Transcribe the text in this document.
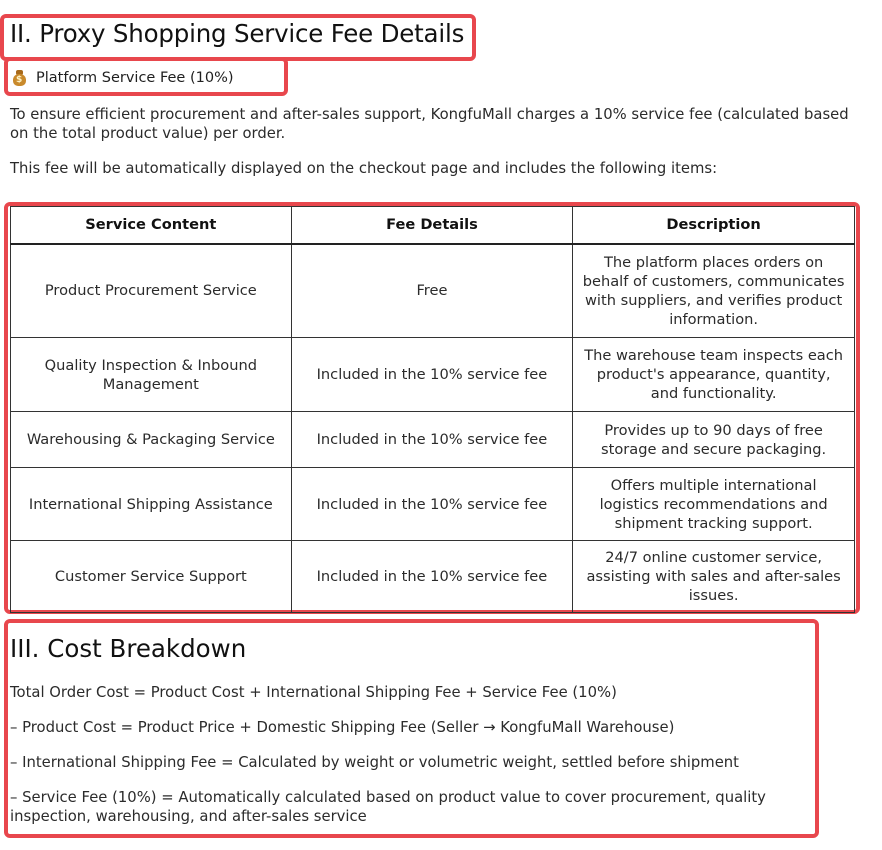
II. Proxy Shopping Service Fee Details
$ Platform Service Fee (10%)

To ensure efficient procurement and after-sales support, KongfuMall charges a 10% service fee (calculated based on the total product value) per order.

This fee will be automatically displayed on the checkout page and includes the following items:

Service Content	Fee Details	Description
Product Procurement Service	Free	The platform places orders on behalf of customers, communicates with suppliers, and verifies product information.
Quality Inspection & Inbound Management	Included in the 10% service fee	The warehouse team inspects each product's appearance, quantity, and functionality.
Warehousing & Packaging Service	Included in the 10% service fee	Provides up to 90 days of free storage and secure packaging.
International Shipping Assistance	Included in the 10% service fee	Offers multiple international logistics recommendations and shipment tracking support.
Customer Service Support	Included in the 10% service fee	24/7 online customer service, assisting with sales and after-sales issues.
III. Cost Breakdown

Total Order Cost = Product Cost + International Shipping Fee + Service Fee (10%)

– Product Cost = Product Price + Domestic Shipping Fee (Seller → KongfuMall Warehouse)

– International Shipping Fee = Calculated by weight or volumetric weight, settled before shipment

– Service Fee (10%) = Automatically calculated based on product value to cover procurement, quality inspection, warehousing, and after-sales service
